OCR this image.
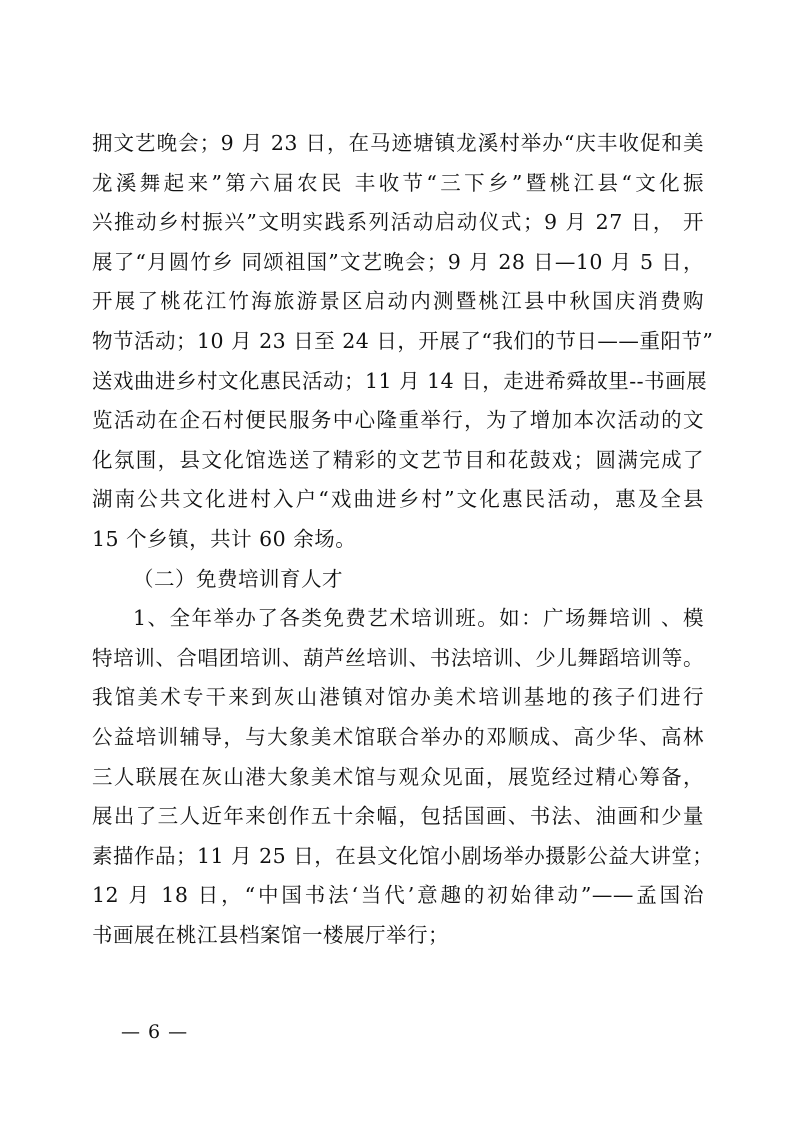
拥文艺晚会；9 月 23 日，在马迹塘镇龙溪村举办“庆丰收促和美
龙溪舞起来”第六届农民 丰收节“三下乡”暨桃江县“文化振
兴推动乡村振兴”文明实践系列活动启动仪式；9 月 27 日， 开
展了“月圆竹乡 同颂祖国”文艺晚会；9 月 28 日—10 月 5 日，
开展了桃花江竹海旅游景区启动内测暨桃江县中秋国庆消费购
物节活动；10 月 23 日至 24 日，开展了“我们的节日——重阳节”
送戏曲进乡村文化惠民活动；11 月 14 日，走进希舜故里--书画展
览活动在企石村便民服务中心隆重举行，为了增加本次活动的文
化氛围，县文化馆选送了精彩的文艺节目和花鼓戏；圆满完成了
湖南公共文化进村入户“戏曲进乡村”文化惠民活动，惠及全县
15 个乡镇，共计 60 余场。
（二）免费培训育人才
1、全年举办了各类免费艺术培训班。如：广场舞培训 、模
特培训、合唱团培训、葫芦丝培训、书法培训、少儿舞蹈培训等。
我馆美术专干来到灰山港镇对馆办美术培训基地的孩子们进行
公益培训辅导，与大象美术馆联合举办的邓顺成、高少华、高林
三人联展在灰山港大象美术馆与观众见面，展览经过精心筹备，
展出了三人近年来创作五十余幅，包括国画、书法、油画和少量
素描作品；11 月 25 日，在县文化馆小剧场举办摄影公益大讲堂；
12 月 18 日，“中国书法‘当代’意趣的初始律动”——孟国治
书画展在桃江县档案馆一楼展厅举行；
— 6 —
